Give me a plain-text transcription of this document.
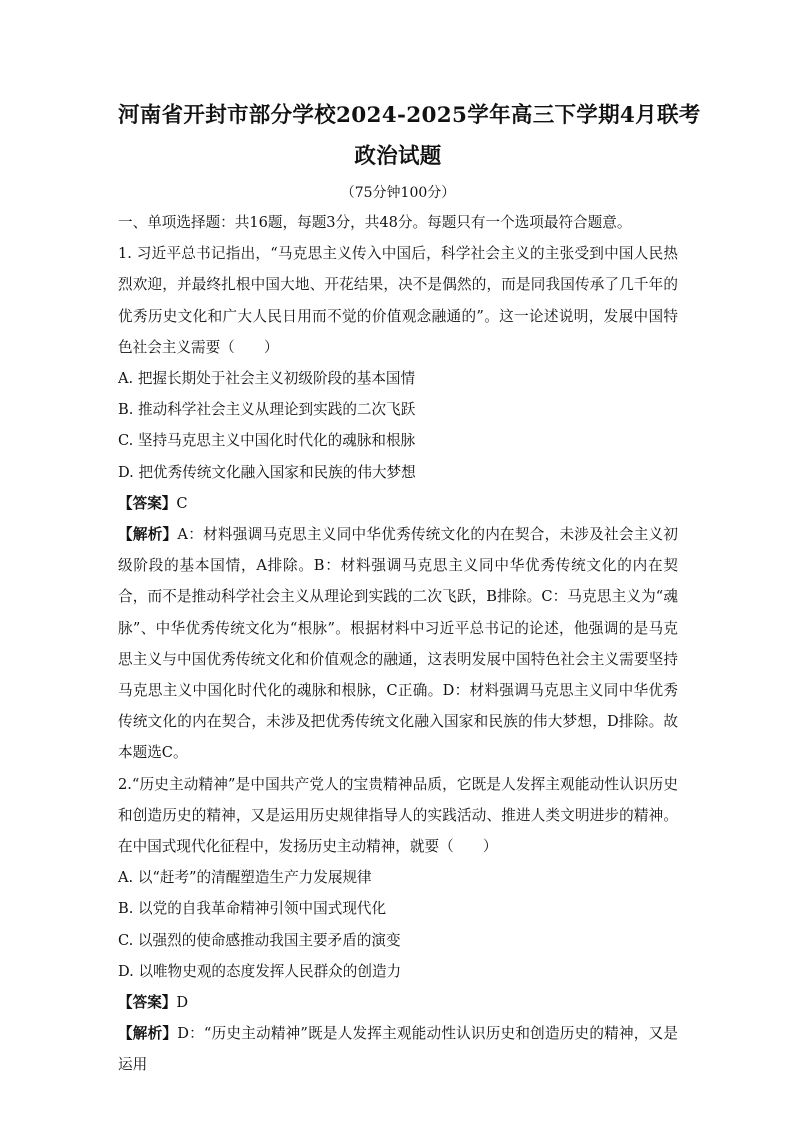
河南省开封市部分学校2024-2025学年高三下学期4月联考
政治试题
（75分钟100分）

一、单项选择题：共16题，每题3分，共48分。每题只有一个选项最符合题意。

1. 习近平总书记指出，“马克思主义传入中国后，科学社会主义的主张受到中国人民热烈欢迎，并最终扎根中国大地、开花结果，决不是偶然的，而是同我国传承了几千年的优秀历史文化和广大人民日用而不觉的价值观念融通的”。这一论述说明，发展中国特色社会主义需要（　　）

A. 把握长期处于社会主义初级阶段的基本国情

B. 推动科学社会主义从理论到实践的二次飞跃

C. 坚持马克思主义中国化时代化的魂脉和根脉

D. 把优秀传统文化融入国家和民族的伟大梦想

【答案】C

【解析】A：材料强调马克思主义同中华优秀传统文化的内在契合，未涉及社会主义初级阶段的基本国情，A排除。B：材料强调马克思主义同中华优秀传统文化的内在契合，而不是推动科学社会主义从理论到实践的二次飞跃，B排除。C：马克思主义为“魂脉”、中华优秀传统文化为“根脉”。根据材料中习近平总书记的论述，他强调的是马克思主义与中国优秀传统文化和价值观念的融通，这表明发展中国特色社会主义需要坚持马克思主义中国化时代化的魂脉和根脉，C正确。D：材料强调马克思主义同中华优秀传统文化的内在契合，未涉及把优秀传统文化融入国家和民族的伟大梦想，D排除。故本题选C。

2.“历史主动精神”是中国共产党人的宝贵精神品质，它既是人发挥主观能动性认识历史和创造历史的精神，又是运用历史规律指导人的实践活动、推进人类文明进步的精神。在中国式现代化征程中，发扬历史主动精神，就要（　　）

A. 以“赶考”的清醒塑造生产力发展规律

B. 以党的自我革命精神引领中国式现代化

C. 以强烈的使命感推动我国主要矛盾的演变

D. 以唯物史观的态度发挥人民群众的创造力

【答案】D

【解析】D：“历史主动精神”既是人发挥主观能动性认识历史和创造历史的精神，又是运用
